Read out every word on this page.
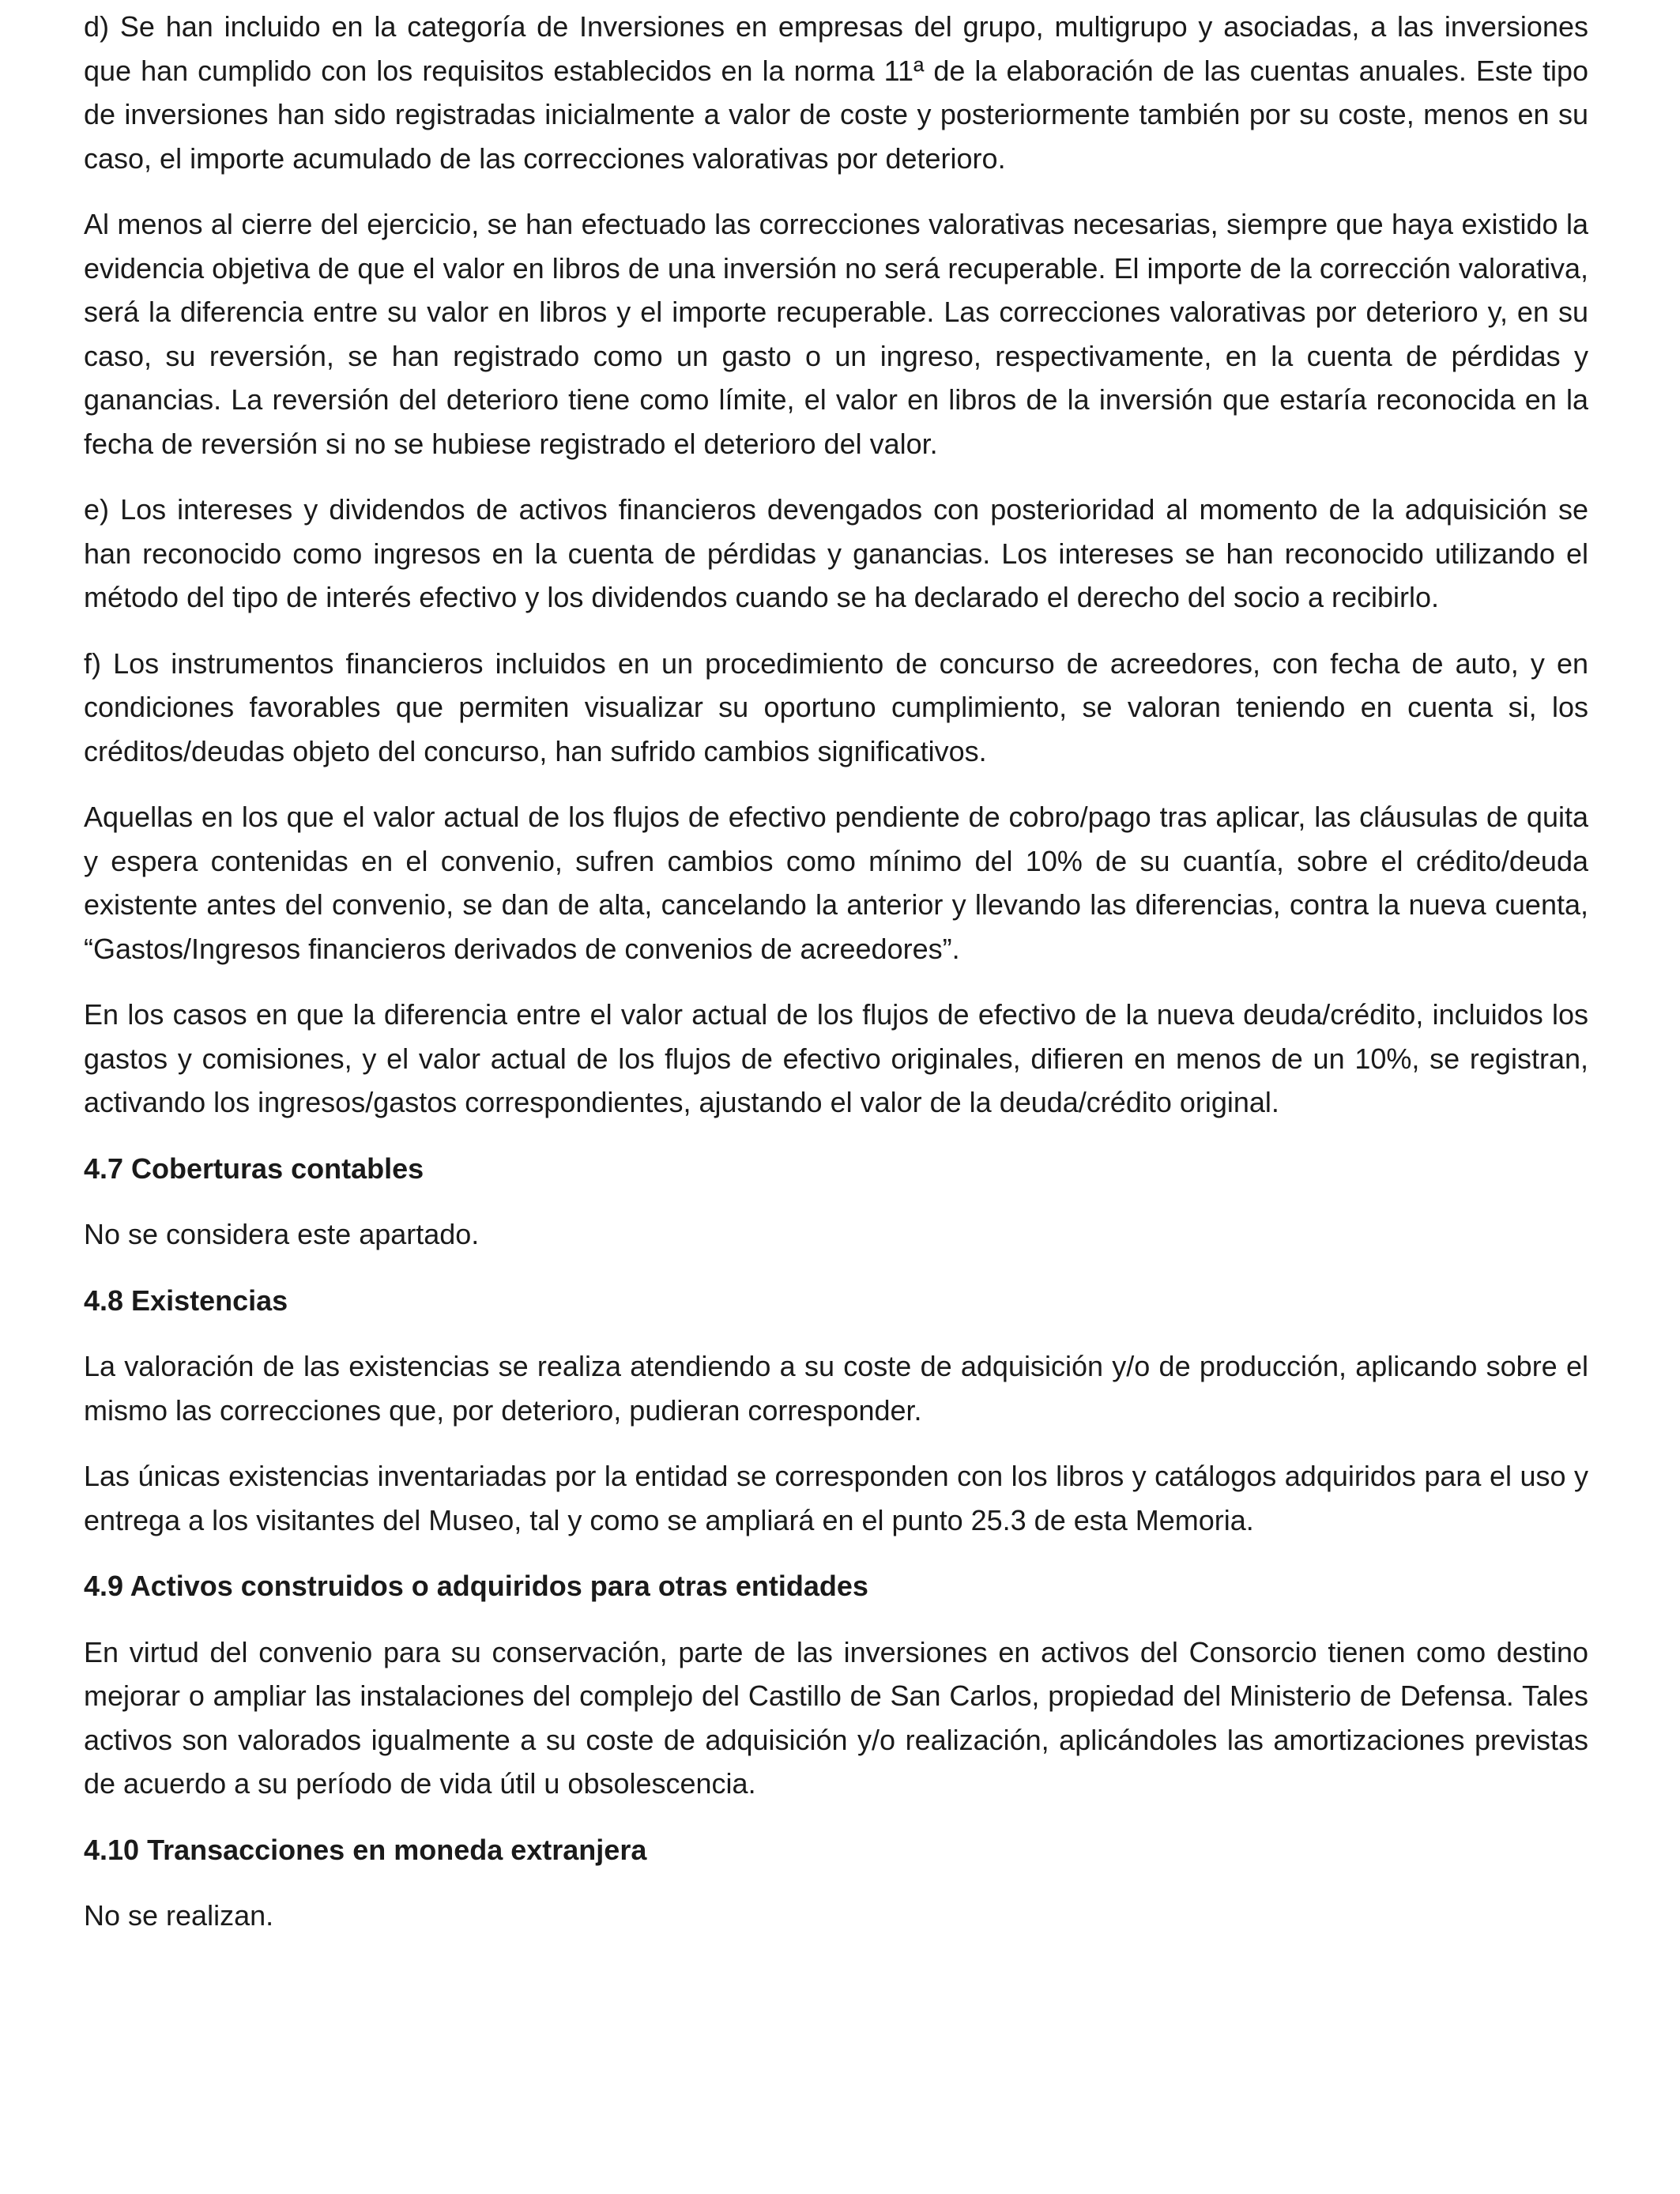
d) Se han incluido en la categoría de Inversiones en empresas del grupo, multigrupo y asociadas, a las inversiones que han cumplido con los requisitos establecidos en la norma 11ª de la elaboración de las cuentas anuales. Este tipo de inversiones han sido registradas inicialmente a valor de coste y posteriormente también por su coste, menos en su caso, el importe acumulado de las correcciones valorativas por deterioro.

Al menos al cierre del ejercicio, se han efectuado las correcciones valorativas necesarias, siempre que haya existido la evidencia objetiva de que el valor en libros de una inversión no será recuperable. El importe de la corrección valorativa, será la diferencia entre su valor en libros y el importe recuperable. Las correcciones valorativas por deterioro y, en su caso, su reversión, se han registrado como un gasto o un ingreso, respectivamente, en la cuenta de pérdidas y ganancias. La reversión del deterioro tiene como límite, el valor en libros de la inversión que estaría reconocida en la fecha de reversión si no se hubiese registrado el deterioro del valor.

e) Los intereses y dividendos de activos financieros devengados con posterioridad al momento de la adquisición se han reconocido como ingresos en la cuenta de pérdidas y ganancias. Los intereses se han reconocido utilizando el método del tipo de interés efectivo y los dividendos cuando se ha declarado el derecho del socio a recibirlo.

f) Los instrumentos financieros incluidos en un procedimiento de concurso de acreedores, con fecha de auto, y en condiciones favorables que permiten visualizar su oportuno cumplimiento, se valoran teniendo en cuenta si, los créditos/deudas objeto del concurso, han sufrido cambios significativos.

Aquellas en los que el valor actual de los flujos de efectivo pendiente de cobro/pago tras aplicar, las cláusulas de quita y espera contenidas en el convenio, sufren cambios como mínimo del 10% de su cuantía, sobre el crédito/deuda existente antes del convenio, se dan de alta, cancelando la anterior y llevando las diferencias, contra la nueva cuenta, “Gastos/Ingresos financieros derivados de convenios de acreedores”.

En los casos en que la diferencia entre el valor actual de los flujos de efectivo de la nueva deuda/crédito, incluidos los gastos y comisiones, y el valor actual de los flujos de efectivo originales, difieren en menos de un 10%, se registran, activando los ingresos/gastos correspondientes, ajustando el valor de la deuda/crédito original.

4.7 Coberturas contables

No se considera este apartado.

4.8 Existencias

La valoración de las existencias se realiza atendiendo a su coste de adquisición y/o de producción, aplicando sobre el mismo las correcciones que, por deterioro, pudieran corresponder.

Las únicas existencias inventariadas por la entidad se corresponden con los libros y catálogos adquiridos para el uso y entrega a los visitantes del Museo, tal y como se ampliará en el punto 25.3 de esta Memoria.

4.9 Activos construidos o adquiridos para otras entidades

En virtud del convenio para su conservación, parte de las inversiones en activos del Consorcio tienen como destino mejorar o ampliar las instalaciones del complejo del Castillo de San Carlos, propiedad del Ministerio de Defensa. Tales activos son valorados igualmente a su coste de adquisición y/o realización, aplicándoles las amortizaciones previstas de acuerdo a su período de vida útil u obsolescencia.

4.10 Transacciones en moneda extranjera

No se realizan.
